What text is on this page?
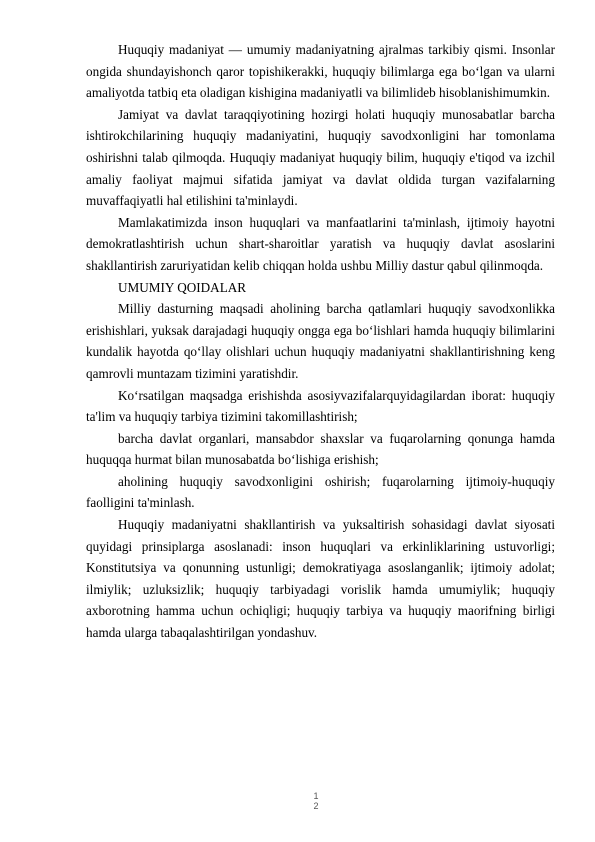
Huquqiy madaniyat — umumiy madaniyatning ajralmas tarkibiy qismi. Insonlar ongida shundayishonch qaror topishikerakki, huquqiy bilimlarga ega bo‘lgan va ularni amaliyotda tatbiq eta oladigan kishigina madaniyatli va bilimlideb hisoblanishimumkin.

Jamiyat va davlat taraqqiyotining hozirgi holati huquqiy munosabatlar barcha ishtirokchilarining huquqiy madaniyatini, huquqiy savodxonligini har tomonlama oshirishni talab qilmoqda. Huquqiy madaniyat huquqiy bilim, huquqiy e'tiqod va izchil amaliy faoliyat majmui sifatida jamiyat va davlat oldida turgan vazifalarning muvaffaqiyatli hal etilishini ta'minlaydi.

Mamlakatimizda inson huquqlari va manfaatlarini ta'minlash, ijtimoiy hayotni demokratlashtirish uchun shart-sharoitlar yaratish va huquqiy davlat asoslarini shakllantirish zaruriyatidan kelib chiqqan holda ushbu Milliy dastur qabul qilinmoqda.

UMUMIY QOIDALAR

Milliy dasturning maqsadi aholining barcha qatlamlari huquqiy savodxonlikka erishishlari, yuksak darajadagi huquqiy ongga ega bo‘lishlari hamda huquqiy bilimlarini kundalik hayotda qo‘llay olishlari uchun huquqiy madaniyatni shakllantirishning keng qamrovli muntazam tizimini yaratishdir.

Ko‘rsatilgan maqsadga erishishda asosiyvazifalarquyidagilardan iborat: huquqiy ta'lim va huquqiy tarbiya tizimini takomillashtirish;

barcha davlat organlari, mansabdor shaxslar va fuqarolarning qonunga hamda huquqqa hurmat bilan munosabatda bo‘lishiga erishish;

aholining huquqiy savodxonligini oshirish; fuqarolarning ijtimoiy-huquqiy faolligini ta'minlash.

Huquqiy madaniyatni shakllantirish va yuksaltirish sohasidagi davlat siyosati quyidagi prinsiplarga asoslanadi: inson huquqlari va erkinliklarining ustuvorligi; Konstitutsiya va qonunning ustunligi; demokratiyaga asoslanganlik; ijtimoiy adolat; ilmiylik; uzluksizlik; huquqiy tarbiyadagi vorislik hamda umumiylik; huquqiy axborotning hamma uchun ochiqligi; huquqiy tarbiya va huquqiy maorifning birligi hamda ularga tabaqalashtirilgan yondashuv.

1
2
